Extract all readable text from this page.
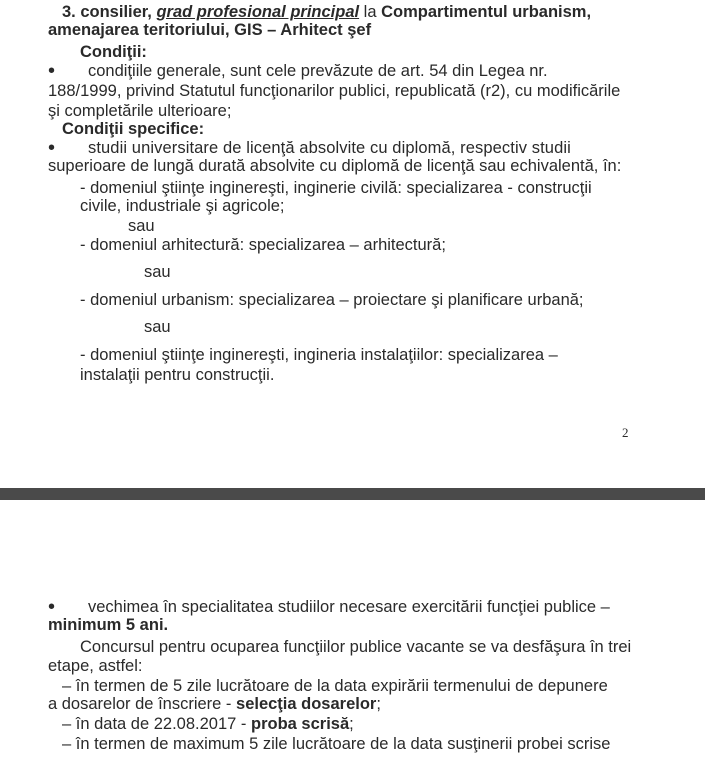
3. consilier, grad profesional principal la Compartimentul urbanism,
amenajarea teritoriului, GIS – Arhitect şef
Condiţii:
• condiţiile generale, sunt cele prevăzute de art. 54 din Legea nr.
188/1999, privind Statutul funcţionarilor publici, republicată (r2), cu modificările
şi completările ulterioare;
Condiţii specifice:
• studii universitare de licenţă absolvite cu diplomă, respectiv studii
superioare de lungă durată absolvite cu diplomă de licenţă sau echivalentă, în:
- domeniul ştiinţe inginereşti, inginerie civilă: specializarea - construcţii
civile, industriale şi agricole;
sau
- domeniul arhitectură: specializarea – arhitectură;
sau
- domeniul urbanism: specializarea – proiectare şi planificare urbană;
sau
- domeniul ştiinţe inginereşti, ingineria instalaţiilor: specializarea –
instalaţii pentru construcţii.
2
• vechimea în specialitatea studiilor necesare exercitării funcţiei publice –
minimum 5 ani.
Concursul pentru ocuparea funcţiilor publice vacante se va desfăşura în trei
etape, astfel:
– în termen de 5 zile lucrătoare de la data expirării termenului de depunere
a dosarelor de înscriere - selecţia dosarelor;
– în data de 22.08.2017 - proba scrisă;
– în termen de maximum 5 zile lucrătoare de la data susţinerii probei scrise
